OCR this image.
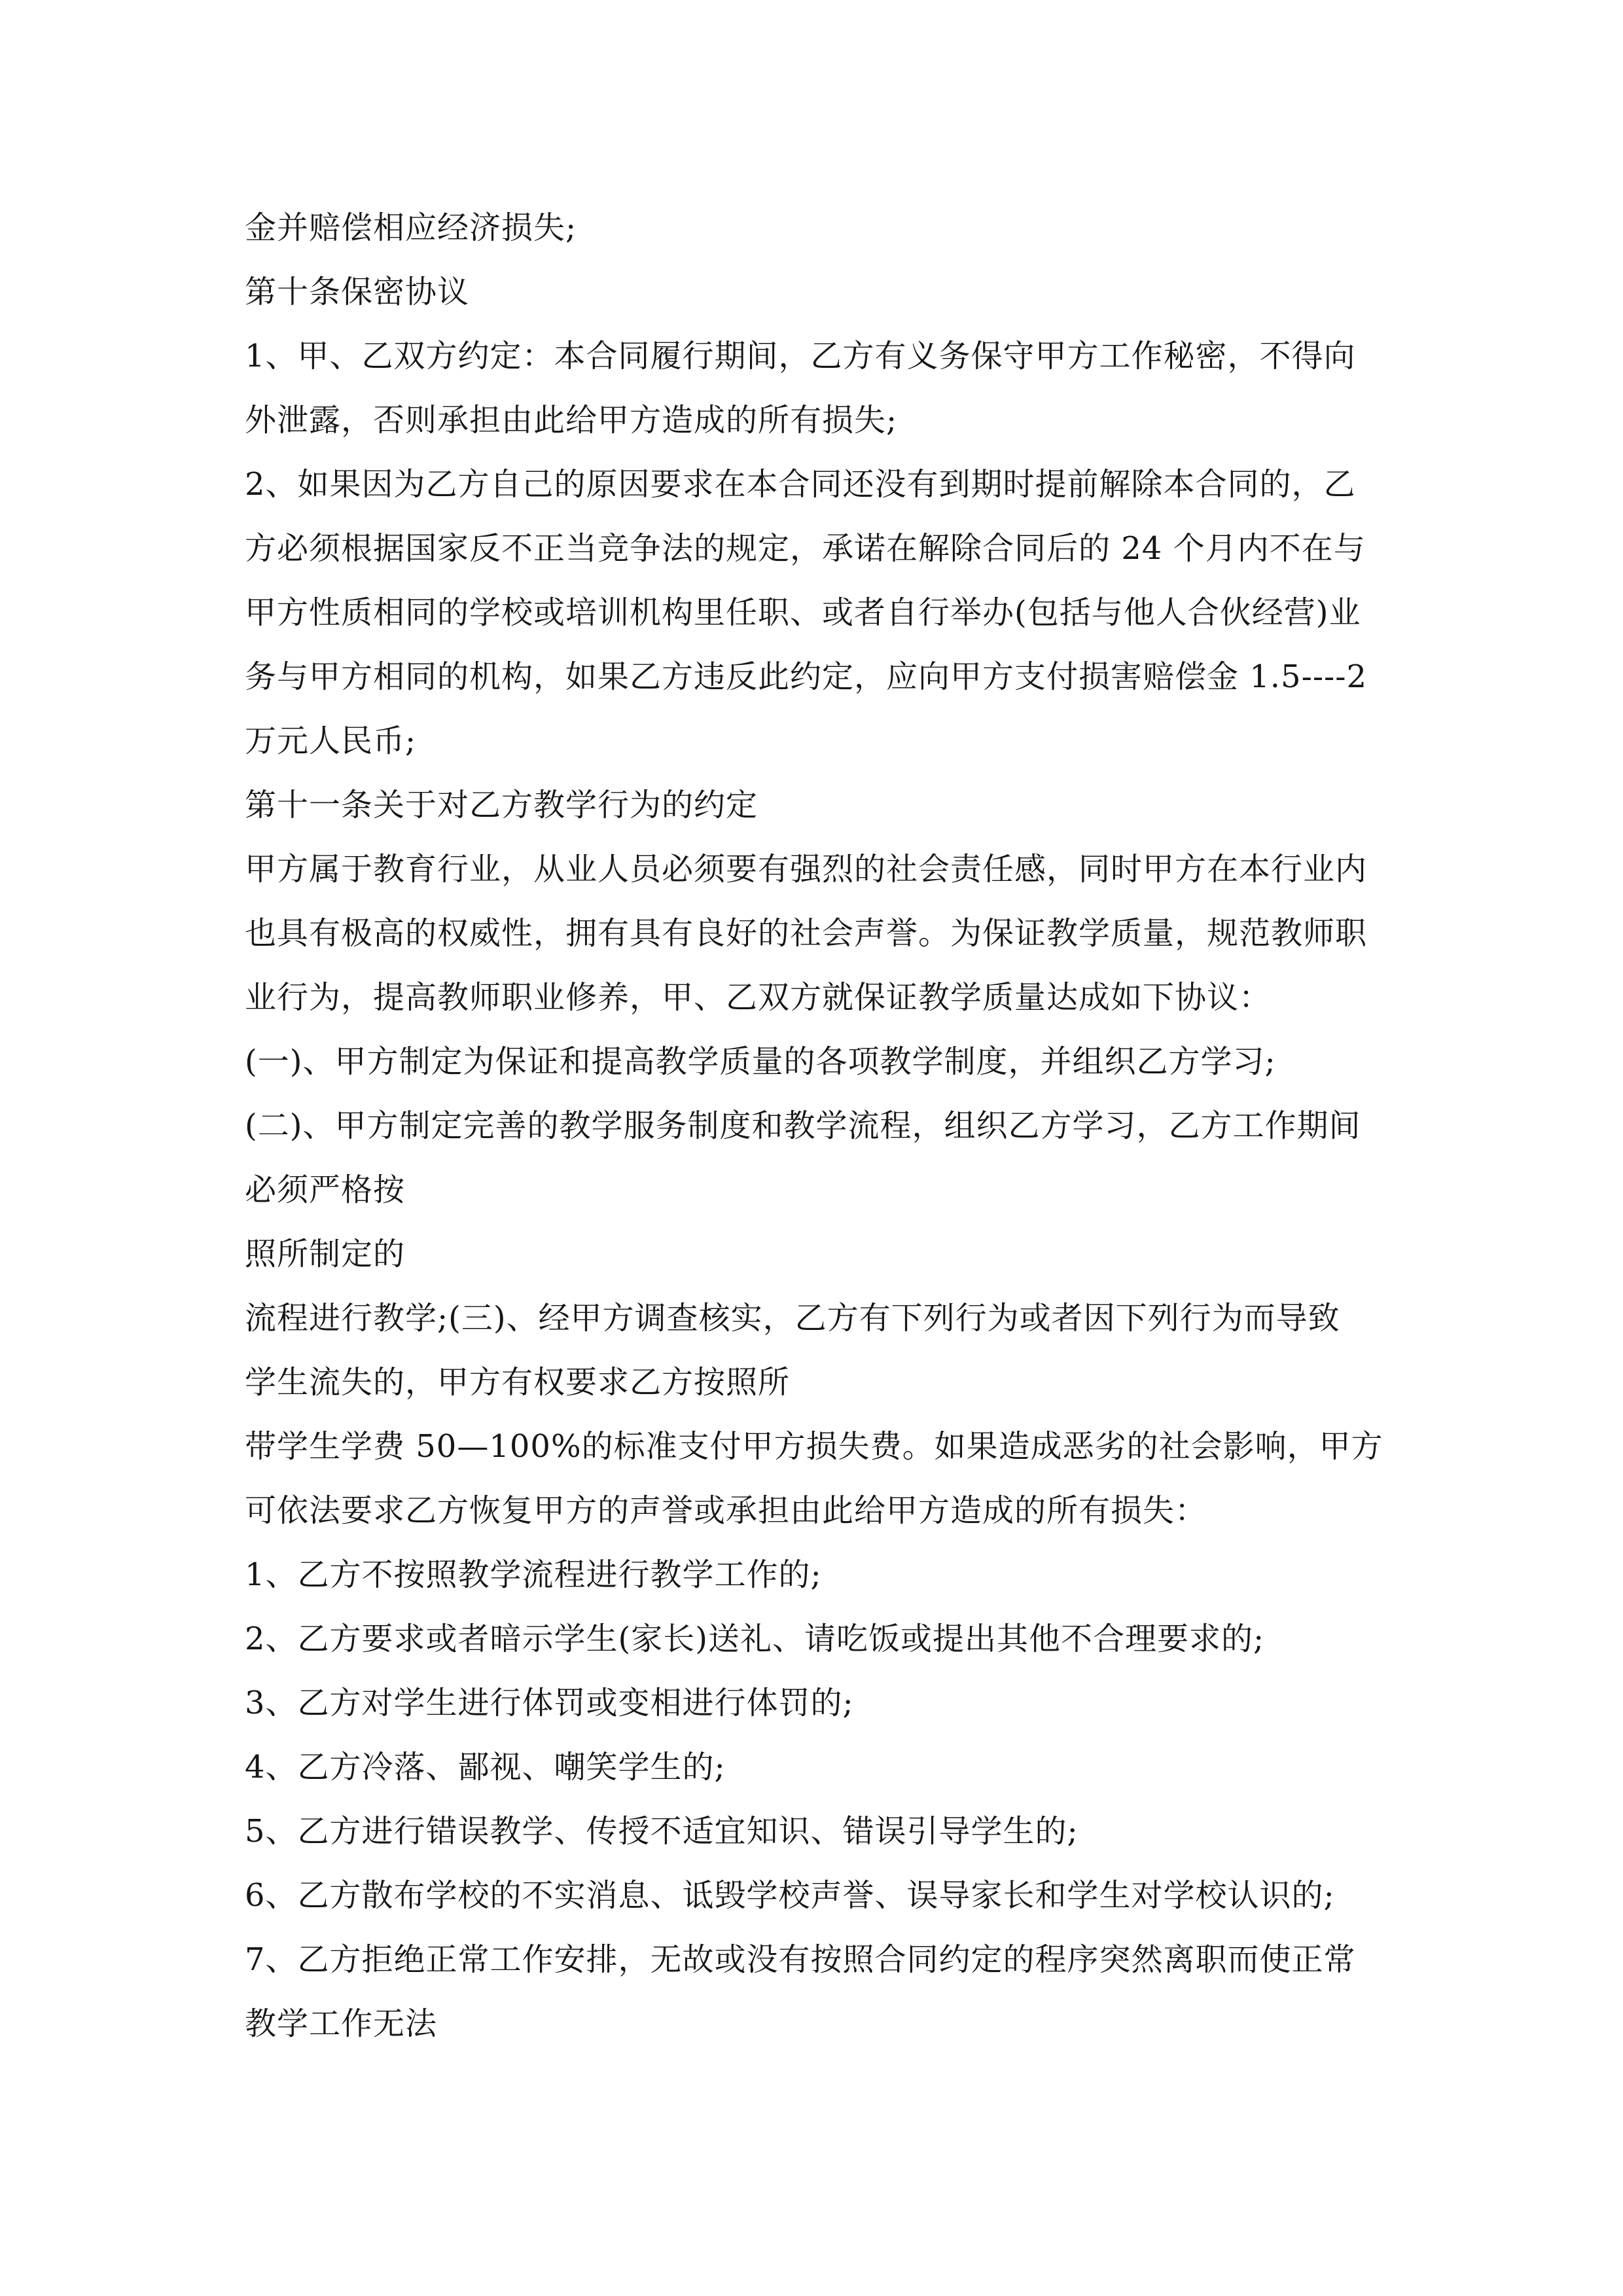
金并赔偿相应经济损失;
第十条保密协议
1、甲、乙双方约定：本合同履行期间，乙方有义务保守甲方工作秘密，不得向
外泄露，否则承担由此给甲方造成的所有损失;
2、如果因为乙方自己的原因要求在本合同还没有到期时提前解除本合同的，乙
方必须根据国家反不正当竞争法的规定，承诺在解除合同后的 24 个月内不在与
甲方性质相同的学校或培训机构里任职、或者自行举办(包括与他人合伙经营)业
务与甲方相同的机构，如果乙方违反此约定，应向甲方支付损害赔偿金 1.5----2
万元人民币;
第十一条关于对乙方教学行为的约定
甲方属于教育行业，从业人员必须要有强烈的社会责任感，同时甲方在本行业内
也具有极高的权威性，拥有具有良好的社会声誉。为保证教学质量，规范教师职
业行为，提高教师职业修养，甲、乙双方就保证教学质量达成如下协议：
(一)、甲方制定为保证和提高教学质量的各项教学制度，并组织乙方学习;
(二)、甲方制定完善的教学服务制度和教学流程，组织乙方学习，乙方工作期间
必须严格按
照所制定的
流程进行教学;(三)、经甲方调查核实，乙方有下列行为或者因下列行为而导致
学生流失的，甲方有权要求乙方按照所
带学生学费 50—100%的标准支付甲方损失费。如果造成恶劣的社会影响，甲方
可依法要求乙方恢复甲方的声誉或承担由此给甲方造成的所有损失：
1、乙方不按照教学流程进行教学工作的;
2、乙方要求或者暗示学生(家长)送礼、请吃饭或提出其他不合理要求的;
3、乙方对学生进行体罚或变相进行体罚的;
4、乙方冷落、鄙视、嘲笑学生的;
5、乙方进行错误教学、传授不适宜知识、错误引导学生的;
6、乙方散布学校的不实消息、诋毁学校声誉、误导家长和学生对学校认识的;
7、乙方拒绝正常工作安排，无故或没有按照合同约定的程序突然离职而使正常
教学工作无法
